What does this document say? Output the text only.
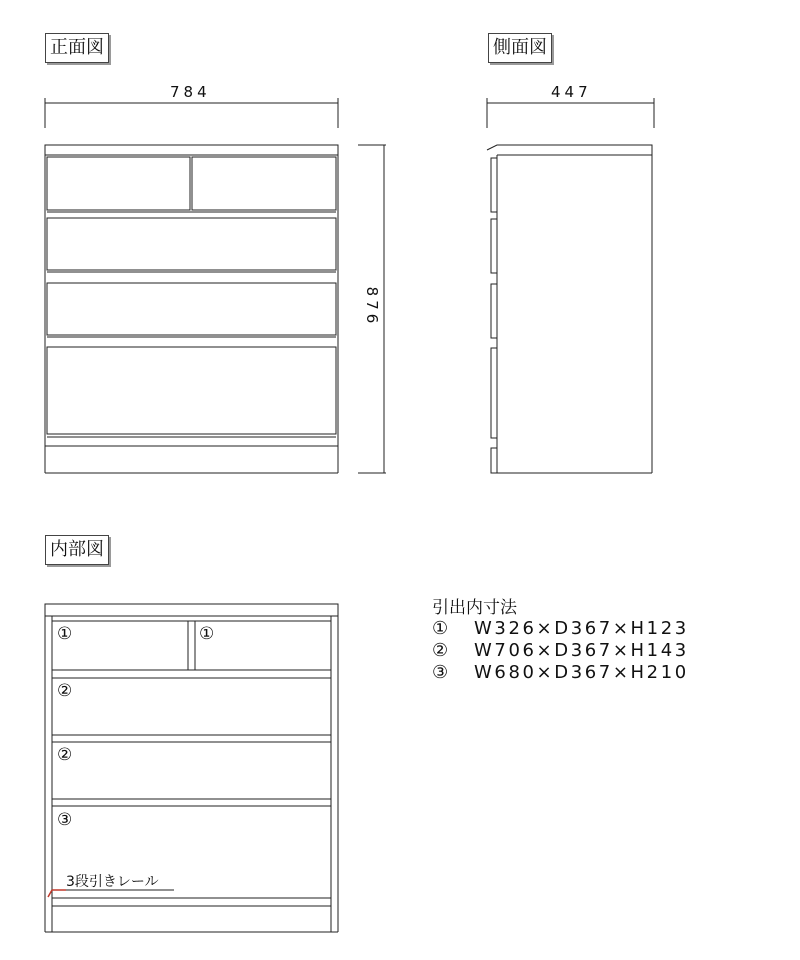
正面図	側面図
内部図
784	447
876
①	①
②
②
③
3段引きレール
引出内寸法
①	W326×D367×H123
②	W706×D367×H143
③	W680×D367×H210
